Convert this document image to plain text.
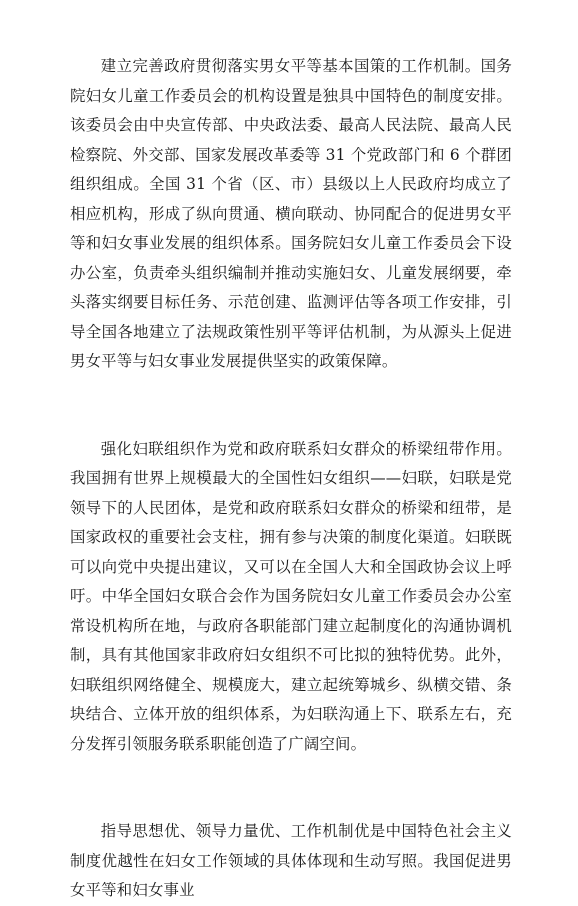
建立完善政府贯彻落实男女平等基本国策的工作机制。国务院妇女儿童工作委员会的机构设置是独具中国特色的制度安排。该委员会由中央宣传部、中央政法委、最高人民法院、最高人民检察院、外交部、国家发展改革委等 31 个党政部门和 6 个群团组织组成。全国 31 个省（区、市）县级以上人民政府均成立了相应机构，形成了纵向贯通、横向联动、协同配合的促进男女平等和妇女事业发展的组织体系。国务院妇女儿童工作委员会下设办公室，负责牵头组织编制并推动实施妇女、儿童发展纲要，牵头落实纲要目标任务、示范创建、监测评估等各项工作安排，引导全国各地建立了法规政策性别平等评估机制，为从源头上促进男女平等与妇女事业发展提供坚实的政策保障。

强化妇联组织作为党和政府联系妇女群众的桥梁纽带作用。我国拥有世界上规模最大的全国性妇女组织——妇联，妇联是党领导下的人民团体，是党和政府联系妇女群众的桥梁和纽带，是国家政权的重要社会支柱，拥有参与决策的制度化渠道。妇联既可以向党中央提出建议，又可以在全国人大和全国政协会议上呼吁。中华全国妇女联合会作为国务院妇女儿童工作委员会办公室常设机构所在地，与政府各职能部门建立起制度化的沟通协调机制，具有其他国家非政府妇女组织不可比拟的独特优势。此外，妇联组织网络健全、规模庞大，建立起统筹城乡、纵横交错、条块结合、立体开放的组织体系，为妇联沟通上下、联系左右，充分发挥引领服务联系职能创造了广阔空间。

指导思想优、领导力量优、工作机制优是中国特色社会主义制度优越性在妇女工作领域的具体体现和生动写照。我国促进男女平等和妇女事业
